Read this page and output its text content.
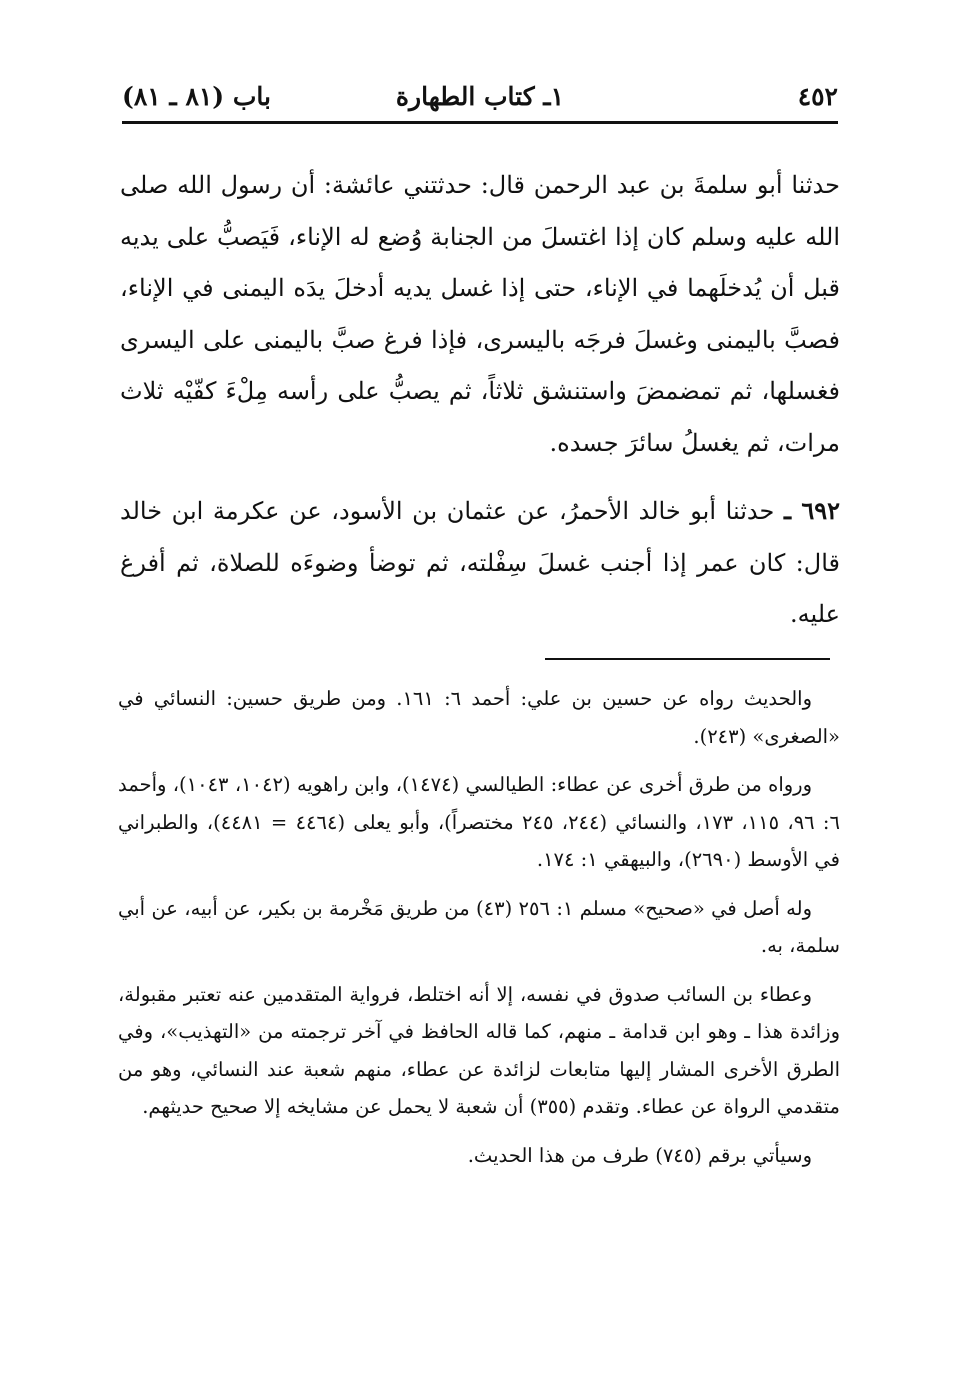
٤٥٢
١ـ كتاب الطهارة
باب (٨١ ـ ٨١)

حدثنا أبو سلمةَ بن عبد الرحمن قال: حدثتني عائشة: أن رسول الله صلى الله عليه وسلم كان إذا اغتسلَ من الجنابة وُضع له الإناء، فَيَصبُّ على يديه قبل أن يُدخلَهما في الإناء، حتى إذا غسل يديه أدخلَ يدَه اليمنى في الإناء، فصبَّ باليمنى وغسلَ فرجَه باليسرى، فإذا فرغ صبَّ باليمنى على اليسرى فغسلها، ثم تمضمضَ واستنشق ثلاثاً، ثم يصبُّ على رأسه مِلْءَ كفّيْه ثلاث مرات، ثم يغسلُ سائرَ جسده.

٦٩٢ ـ حدثنا أبو خالد الأحمرُ، عن عثمان بن الأسود، عن عكرمة ابن خالد قال: كان عمر إذا أجنب غسلَ سِفْلته، ثم توضأ وضوءَه للصلاة، ثم أفرغ عليه.

والحديث رواه عن حسين بن علي: أحمد ٦: ١٦١. ومن طريق حسين: النسائي في «الصغرى» (٢٤٣).

ورواه من طرق أخرى عن عطاء: الطيالسي (١٤٧٤)، وابن راهويه (١٠٤٢، ١٠٤٣)، وأحمد ٦: ٩٦، ١١٥، ١٧٣، والنسائي (٢٤٤، ٢٤٥ مختصراً)، وأبو يعلى (٤٤٦٤ = ٤٤٨١)، والطبراني في الأوسط (٢٦٩٠)، والبيهقي ١: ١٧٤.

وله أصل في «صحيح» مسلم ١: ٢٥٦ (٤٣) من طريق مَخْرمة بن بكير، عن أبيه، عن أبي سلمة، به.

وعطاء بن السائب صدوق في نفسه، إلا أنه اختلط، فرواية المتقدمين عنه تعتبر مقبولة، وزائدة هذا ـ وهو ابن قدامة ـ منهم، كما قاله الحافظ في آخر ترجمته من «التهذيب»، وفي الطرق الأخرى المشار إليها متابعات لزائدة عن عطاء، منهم شعبة عند النسائي، وهو من متقدمي الرواة عن عطاء. وتقدم (٣٥٥) أن شعبة لا يحمل عن مشايخه إلا صحيح حديثهم.

وسيأتي برقم (٧٤٥) طرف من هذا الحديث.
